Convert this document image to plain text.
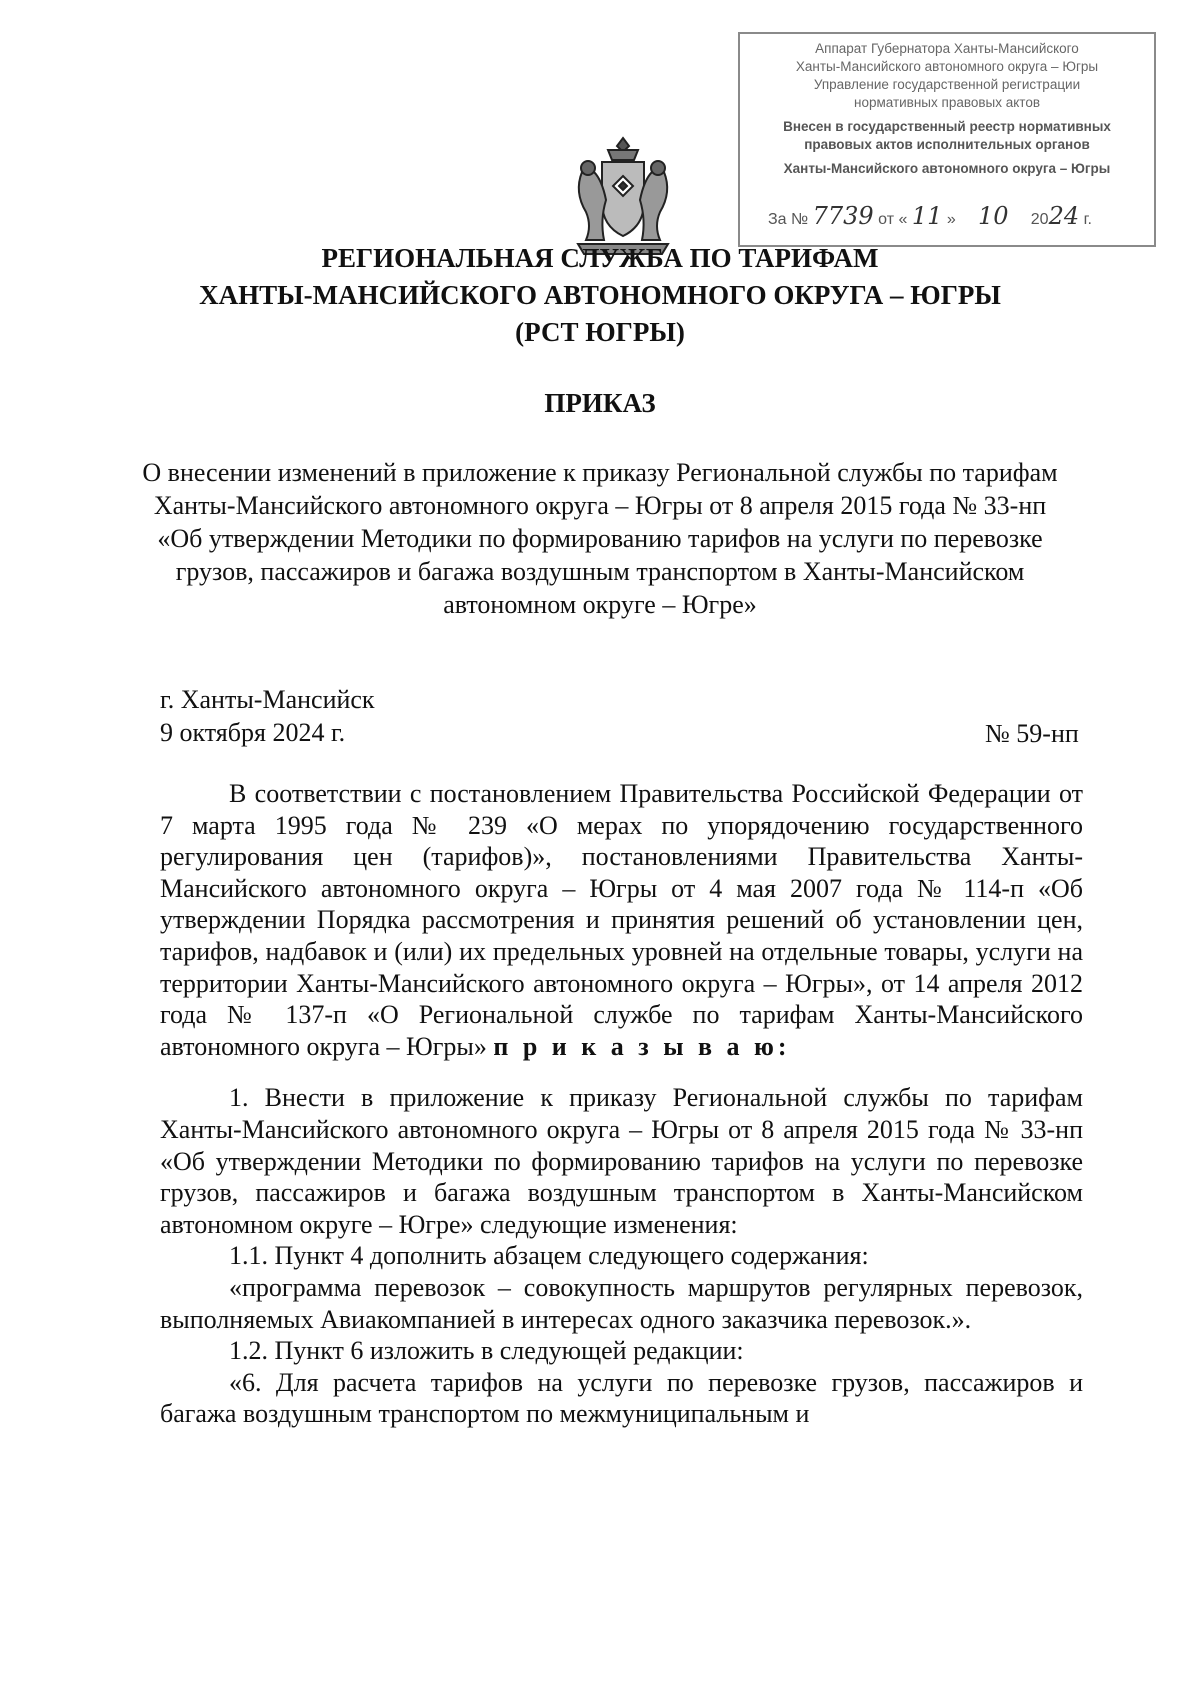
Аппарат Губернатора Ханты-Мансийского
Ханты-Мансийского автономного округа – Югры
Управление государственной регистрации
нормативных правовых актов
Внесен в государственный реестр нормативных
правовых актов исполнительных органов
Ханты-Мансийского автономного округа – Югры
За № 7739 от « 11 »     10 2024 г.
РЕГИОНАЛЬНАЯ СЛУЖБА ПО ТАРИФАМ
ХАНТЫ-МАНСИЙСКОГО АВТОНОМНОГО ОКРУГА – ЮГРЫ
(РСТ ЮГРЫ)
ПРИКАЗ
О внесении изменений в приложение к приказу Региональной службы по тарифам Ханты-Мансийского автономного округа – Югры от 8 апреля 2015 года № 33-нп «Об утверждении Методики по формированию тарифов на услуги по перевозке грузов, пассажиров и багажа воздушным транспортом в Ханты-Мансийском автономном округе – Югре»
г. Ханты-Мансийск
9 октября 2024 г.	№ 59-нп

В соответствии с постановлением Правительства Российской Федерации от 7 марта 1995 года № 239 «О мерах по упорядочению государственного регулирования цен (тарифов)», постановлениями Правительства Ханты-Мансийского автономного округа – Югры от 4 мая 2007 года № 114-п «Об утверждении Порядка рассмотрения и принятия решений об установлении цен, тарифов, надбавок и (или) их предельных уровней на отдельные товары, услуги на территории Ханты-Мансийского автономного округа – Югры», от 14 апреля 2012 года № 137-п «О Региональной службе по тарифам Ханты-Мансийского автономного округа – Югры» п р и к а з ы в а ю:

1. Внести в приложение к приказу Региональной службы по тарифам Ханты-Мансийского автономного округа – Югры от 8 апреля 2015 года № 33-нп «Об утверждении Методики по формированию тарифов на услуги по перевозке грузов, пассажиров и багажа воздушным транспортом в Ханты-Мансийском автономном округе – Югре» следующие изменения:

1.1. Пункт 4 дополнить абзацем следующего содержания:

«программа перевозок – совокупность маршрутов регулярных перевозок, выполняемых Авиакомпанией в интересах одного заказчика перевозок.».

1.2. Пункт 6 изложить в следующей редакции:

«6. Для расчета тарифов на услуги по перевозке грузов, пассажиров и багажа воздушным транспортом по межмуниципальным и
